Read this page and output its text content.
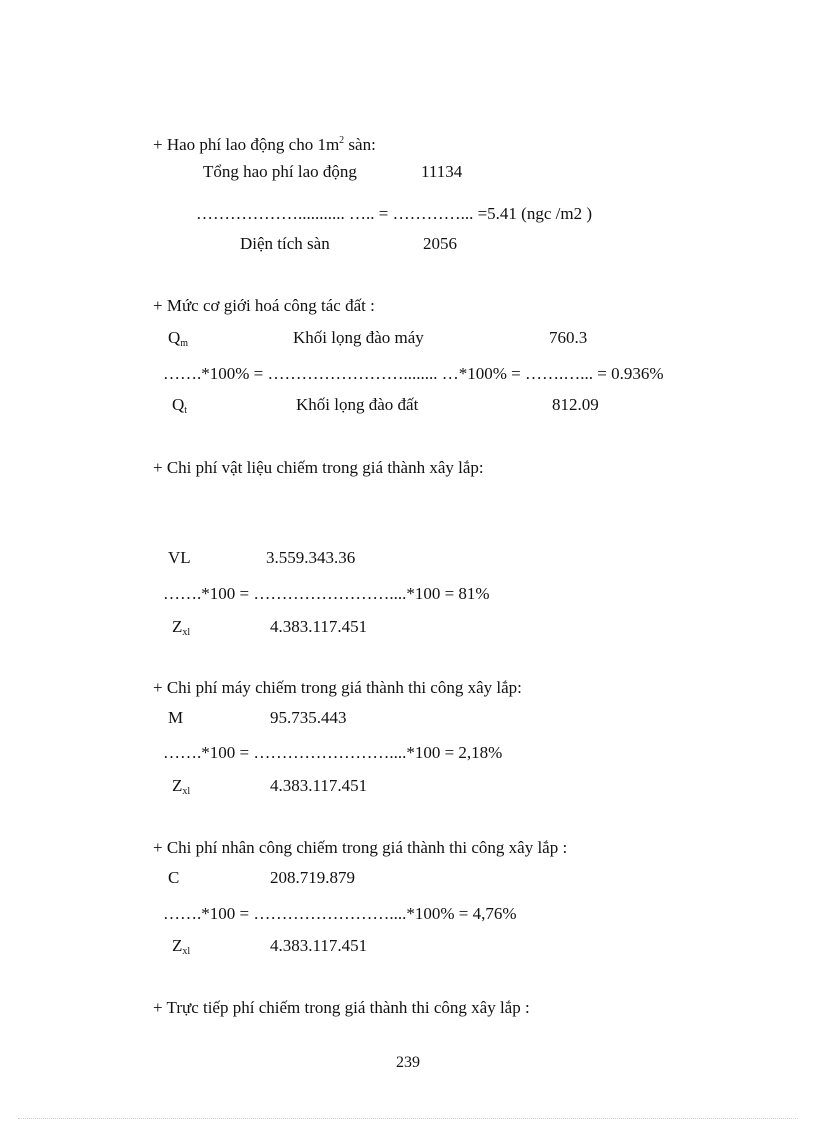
+ Hao phí lao động cho $1m^2$ sàn:
Tổng hao phí lao động	11134
………………........... ….. = …………... =5.41 (ngc /m2 )
Diện tích sàn	2056
+ Mức cơ giới hoá công tác đất :
$Q_m$	Khối lọng đào máy	760.3
…….*100% = ……………………........ …*100% = …….…... = 0.936%
$Q_t$	Khối lọng đào đất	812.09
+ Chi phí vật liệu chiếm trong giá thành xây lắp:
VL	3.559.343.36
…….*100 = ……………………....*100 = 81%
$Z_{xl}$	4.383.117.451
+ Chi phí máy chiếm trong giá thành thi công xây lắp:
M	95.735.443
…….*100 = ……………………....*100 = 2,18%
$Z_{xl}$	4.383.117.451
+ Chi phí nhân công chiếm trong giá thành thi công xây lắp :
C	208.719.879
…….*100 = ……………………....*100% = 4,76%
$Z_{xl}$	4.383.117.451
+ Trực tiếp phí chiếm trong giá thành thi công xây lắp :
239
